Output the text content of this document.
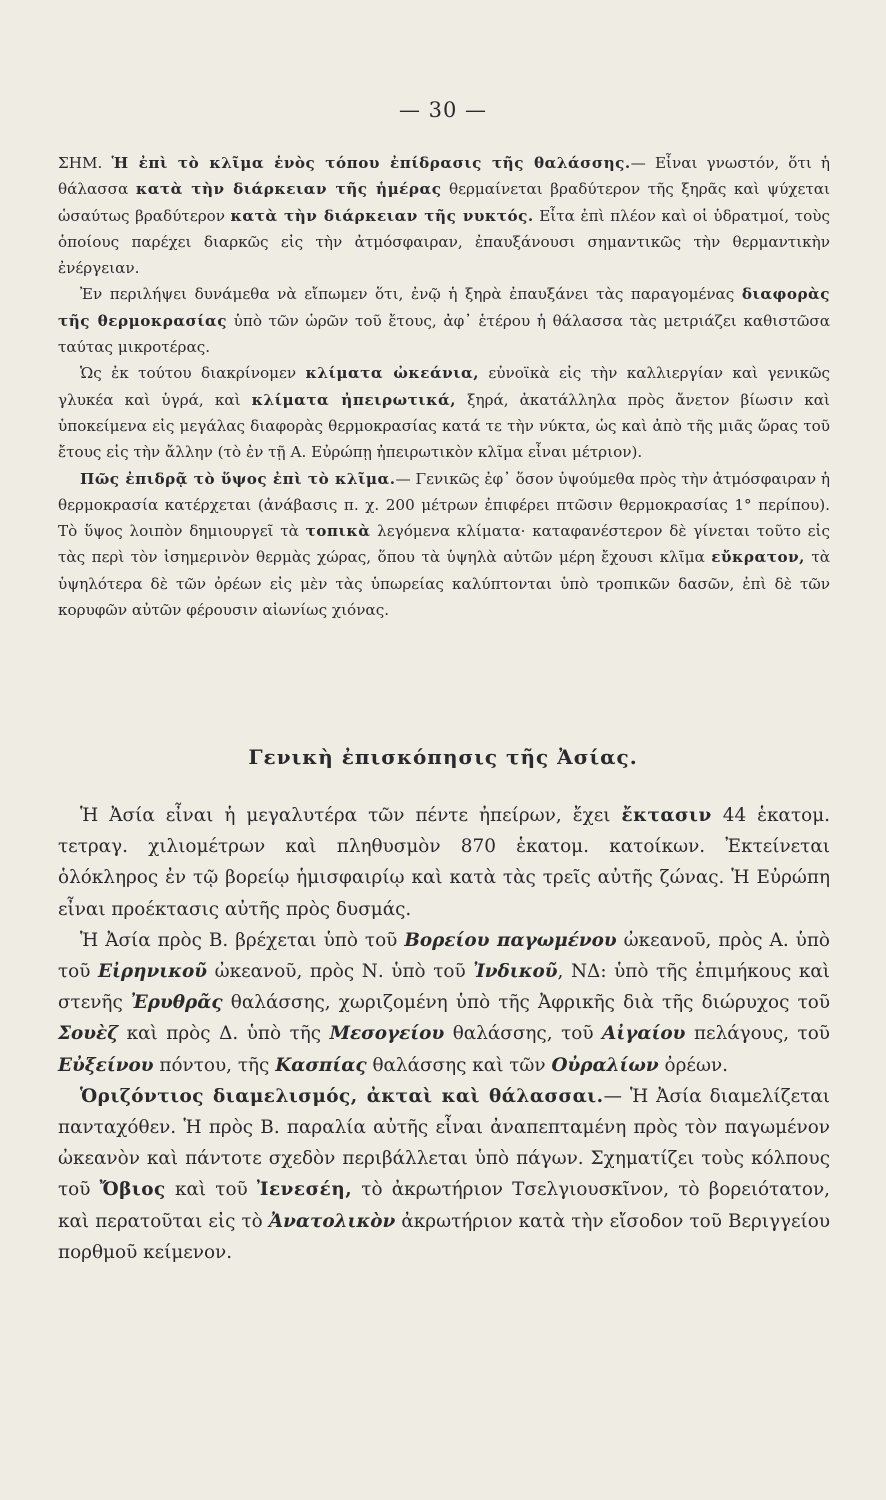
— 30 —

ΣΗΜ. Ἡ ἐπὶ τὸ κλῖμα ἑνὸς τόπου ἐπίδρασις τῆς θαλάσσης.— Εἶναι γνωστόν, ὅτι ἡ θάλασσα κατὰ τὴν διάρκειαν τῆς ἡμέρας θερμαίνεται βραδύτερον τῆς ξηρᾶς καὶ ψύχεται ὡσαύτως βραδύτερον κατὰ τὴν διάρκειαν τῆς νυκτός. Εἶτα ἐπὶ πλέον καὶ οἱ ὑδρατμοί, τοὺς ὁποίους παρέχει διαρκῶς εἰς τὴν ἀτμόσφαιραν, ἐπαυξάνουσι σημαντικῶς τὴν θερμαντικὴν ἐνέργειαν.

Ἐν περιλήψει δυνάμεθα νὰ εἴπωμεν ὅτι, ἐνῷ ἡ ξηρὰ ἐπαυξάνει τὰς παραγομένας διαφορὰς τῆς θερμοκρασίας ὑπὸ τῶν ὡρῶν τοῦ ἔτους, ἀφ᾽ ἑτέρου ἡ θάλασσα τὰς μετριάζει καθιστῶσα ταύτας μικροτέρας.

Ὡς ἐκ τούτου διακρίνομεν κλίματα ὠκεάνια, εὐνοϊκὰ εἰς τὴν καλλιεργίαν καὶ γενικῶς γλυκέα καὶ ὑγρά, καὶ κλίματα ἠπειρωτικά, ξηρά, ἀκατάλληλα πρὸς ἄνετον βίωσιν καὶ ὑποκείμενα εἰς μεγάλας διαφορὰς θερμοκρασίας κατά τε τὴν νύκτα, ὡς καὶ ἀπὸ τῆς μιᾶς ὥρας τοῦ ἔτους εἰς τὴν ἄλλην (τὸ ἐν τῇ Α. Εὐρώπῃ ἠπειρωτικὸν κλῖμα εἶναι μέτριον).

Πῶς ἐπιδρᾷ τὸ ὕψος ἐπὶ τὸ κλῖμα.— Γενικῶς ἐφ᾽ ὅσον ὑψούμεθα πρὸς τὴν ἀτμόσφαιραν ἡ θερμοκρασία κατέρχεται (ἀνάβασις π. χ. 200 μέτρων ἐπιφέρει πτῶσιν θερμοκρασίας 1° περίπου). Τὸ ὕψος λοιπὸν δημιουργεῖ τὰ τοπικὰ λεγόμενα κλίματα· καταφανέστερον δὲ γίνεται τοῦτο εἰς τὰς περὶ τὸν ἰσημερινὸν θερμὰς χώρας, ὅπου τὰ ὑψηλὰ αὐτῶν μέρη ἔχουσι κλῖμα εὔκρατον, τὰ ὑψηλότερα δὲ τῶν ὀρέων εἰς μὲν τὰς ὑπωρείας καλύπτονται ὑπὸ τροπικῶν δασῶν, ἐπὶ δὲ τῶν κορυφῶν αὐτῶν φέρουσιν αἰωνίως χιόνας.

Γενικὴ ἐπισκόπησις τῆς Ἀσίας.

Ἡ Ἀσία εἶναι ἡ μεγαλυτέρα τῶν πέντε ἠπείρων, ἔχει ἔκτασιν 44 ἑκατομ. τετραγ. χιλιομέτρων καὶ πληθυσμὸν 870 ἑκατομ. κατοίκων. Ἐκτείνεται ὁλόκληρος ἐν τῷ βορείῳ ἡμισφαιρίῳ καὶ κατὰ τὰς τρεῖς αὐτῆς ζώνας. Ἡ Εὐρώπη εἶναι προέκτασις αὐτῆς πρὸς δυσμάς.

Ἡ Ἀσία πρὸς Β. βρέχεται ὑπὸ τοῦ Βορείου παγωμένου ὠκεανοῦ, πρὸς Α. ὑπὸ τοῦ Εἰρηνικοῦ ὠκεανοῦ, πρὸς Ν. ὑπὸ τοῦ Ἰνδικοῦ, ΝΔ: ὑπὸ τῆς ἐπιμήκους καὶ στενῆς Ἐρυθρᾶς θαλάσσης, χωριζομένη ὑπὸ τῆς Ἀφρικῆς διὰ τῆς διώρυχος τοῦ Σουὲζ καὶ πρὸς Δ. ὑπὸ τῆς Μεσογείου θαλάσσης, τοῦ Αἰγαίου πελάγους, τοῦ Εὐξείνου πόντου, τῆς Κασπίας θαλάσσης καὶ τῶν Οὐραλίων ὀρέων.

Ὁριζόντιος διαμελισμός, ἀκταὶ καὶ θάλασσαι.— Ἡ Ἀσία διαμελίζεται πανταχόθεν. Ἡ πρὸς Β. παραλία αὐτῆς εἶναι ἀναπεπταμένη πρὸς τὸν παγωμένον ὠκεανὸν καὶ πάντοτε σχεδὸν περιβάλλεται ὑπὸ πάγων. Σχηματίζει τοὺς κόλπους τοῦ Ὄβιος καὶ τοῦ Ἰενεσέη, τὸ ἀκρωτήριον Τσελγιουσκῖνον, τὸ βορειότατον, καὶ περατοῦται εἰς τὸ Ἀνατολικὸν ἀκρωτήριον κατὰ τὴν εἴσοδον τοῦ Βεριγγείου πορθμοῦ κείμενον.
